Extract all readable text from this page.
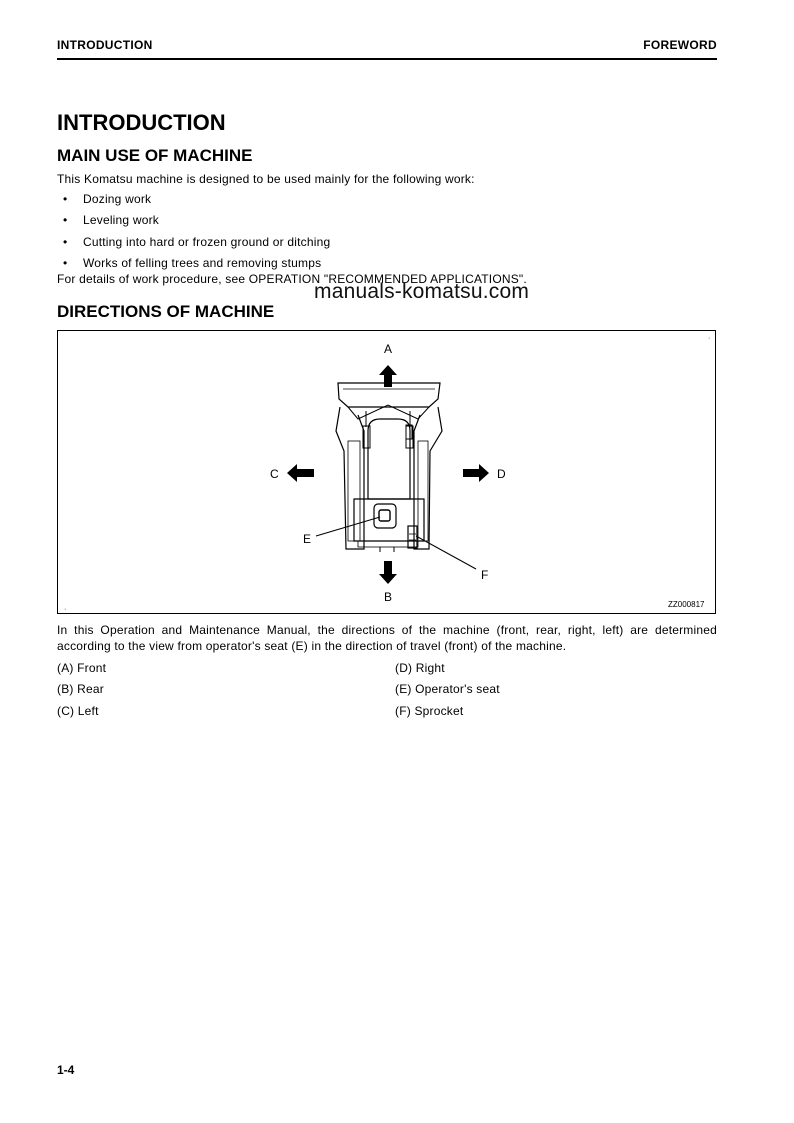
INTRODUCTION	FOREWORD
INTRODUCTION
MAIN USE OF MACHINE

This Komatsu machine is designed to be used mainly for the following work:

• Dozing work
• Leveling work
• Cutting into hard or frozen ground or ditching
• Works of felling trees and removing stumps

For details of work procedure, see OPERATION "RECOMMENDED APPLICATIONS".

DIRECTIONS OF MACHINE
·
·
A
B
C	D
E
F
ZZ000817

In this Operation and Maintenance Manual, the directions of the machine (front, rear, right, left) are determined according to the view from operator's seat (E) in the direction of travel (front) of the machine.

(A) Front	(D) Right
(B) Rear	(E) Operator's seat
(C) Left	(F) Sprocket
manuals-komatsu.com
1-4
